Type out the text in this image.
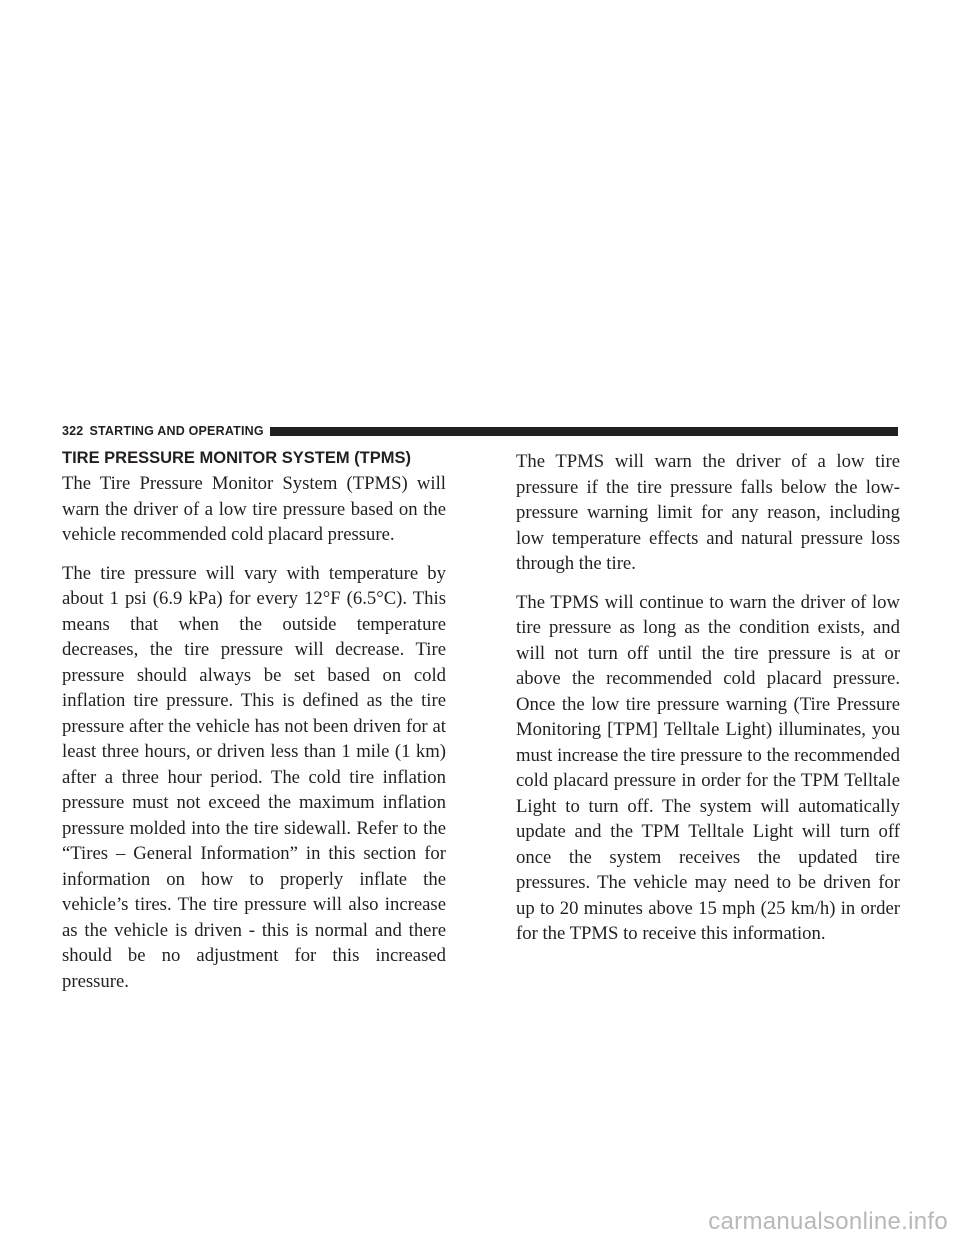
322 STARTING AND OPERATING
TIRE PRESSURE MONITOR SYSTEM (TPMS)

The Tire Pressure Monitor System (TPMS) will warn the driver of a low tire pressure based on the vehicle recommended cold placard pressure.

The tire pressure will vary with temperature by about 1 psi (6.9 kPa) for every 12°F (6.5°C). This means that when the outside temperature decreases, the tire pressure will decrease. Tire pressure should always be set based on cold inflation tire pressure. This is defined as the tire pressure after the vehicle has not been driven for at least three hours, or driven less than 1 mile (1 km) after a three hour period. The cold tire inflation pressure must not exceed the maximum inflation pressure molded into the tire sidewall. Refer to the “Tires – General Information” in this section for information on how to properly inflate the vehicle’s tires. The tire pressure will also increase as the vehicle is driven - this is normal and there should be no adjustment for this increased pressure.

The TPMS will warn the driver of a low tire pressure if the tire pressure falls below the low-pressure warning limit for any reason, including low temperature effects and natural pressure loss through the tire.

The TPMS will continue to warn the driver of low tire pressure as long as the condition exists, and will not turn off until the tire pressure is at or above the recommended cold placard pressure. Once the low tire pressure warning (Tire Pressure Monitoring [TPM] Telltale Light) illuminates, you must increase the tire pressure to the recommended cold placard pressure in order for the TPM Telltale Light to turn off. The system will automatically update and the TPM Telltale Light will turn off once the system receives the updated tire pressures. The vehicle may need to be driven for up to 20 minutes above 15 mph (25 km/h) in order for the TPMS to receive this information.

carmanualsonline.info
